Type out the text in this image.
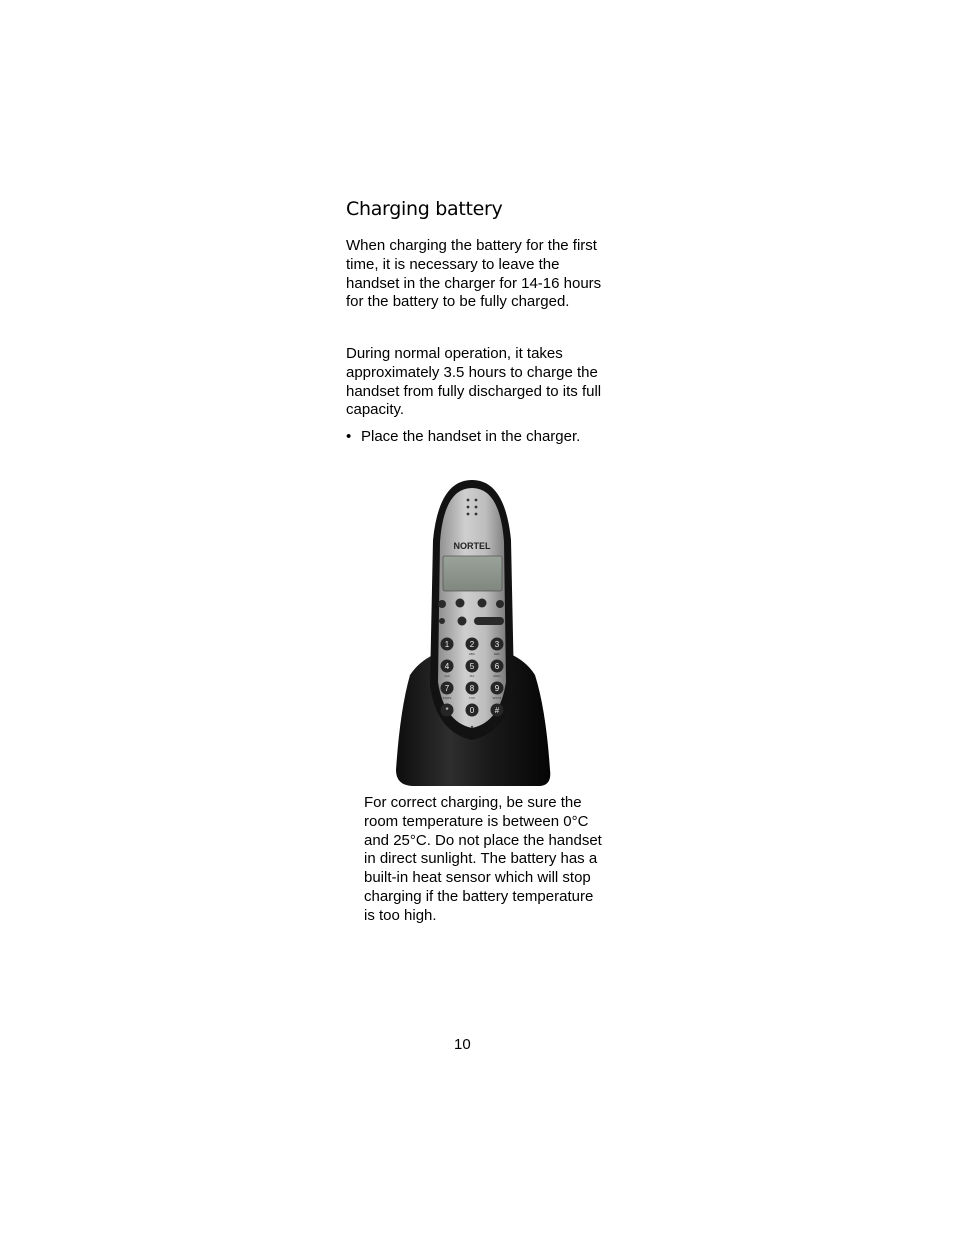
Charging battery

When charging the battery for the first time, it is necessary to leave the handset in the charger for 14-16 hours for the battery to be fully charged.

During normal operation, it takes approximately 3.5 hours to charge the handset from fully discharged to its full capacity.

• Place the handset in the charger.
NORTEL
1	2
ABC
3
DEF
4
GHI
5
JKL
6
MNO
7
PQRS
8
TUV
9
WXYZ
*	0	#

For correct charging, be sure the room temperature is between 0°C and 25°C. Do not place the handset in direct sunlight. The battery has a built-in heat sensor which will stop charging if the battery temperature is too high.

10
